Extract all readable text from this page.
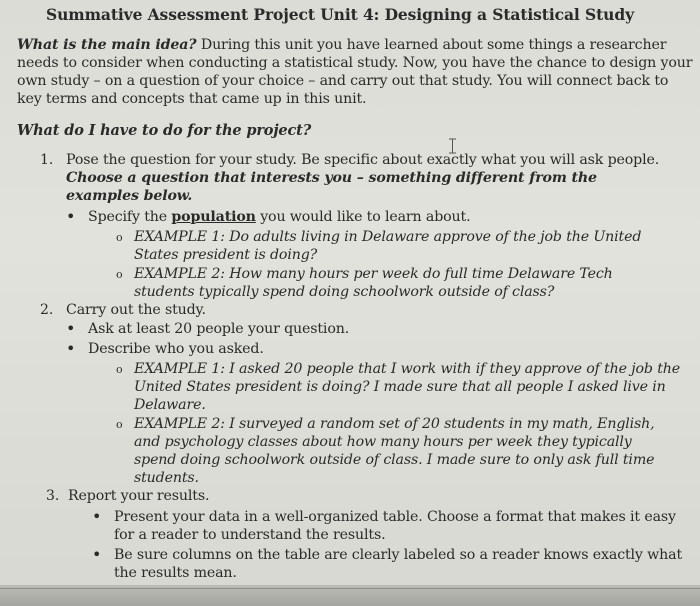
Summative Assessment Project Unit 4: Designing a Statistical Study
What is the main idea? During this unit you have learned about some things a researcher needs to consider when conducting a statistical study. Now, you have the chance to design your own study – on a question of your choice – and carry out that study. You will connect back to key terms and concepts that came up in this unit.
What do I have to do for the project?
1. Pose the question for your study. Be specific about exactly what you will ask people.
Choose a question that interests you – something different from the
examples below.
• Specify the population you would like to learn about.
o EXAMPLE 1: Do adults living in Delaware approve of the job the United
States president is doing?
o EXAMPLE 2: How many hours per week do full time Delaware Tech
students typically spend doing schoolwork outside of class?
2. Carry out the study.
• Ask at least 20 people your question.
• Describe who you asked.
o EXAMPLE 1: I asked 20 people that I work with if they approve of the job the
United States president is doing? I made sure that all people I asked live in
Delaware.
o EXAMPLE 2: I surveyed a random set of 20 students in my math, English,
and psychology classes about how many hours per week they typically
spend doing schoolwork outside of class. I made sure to only ask full time
students.
3. Report your results.
• Present your data in a well-organized table. Choose a format that makes it easy
for a reader to understand the results.
• Be sure columns on the table are clearly labeled so a reader knows exactly what
the results mean.
